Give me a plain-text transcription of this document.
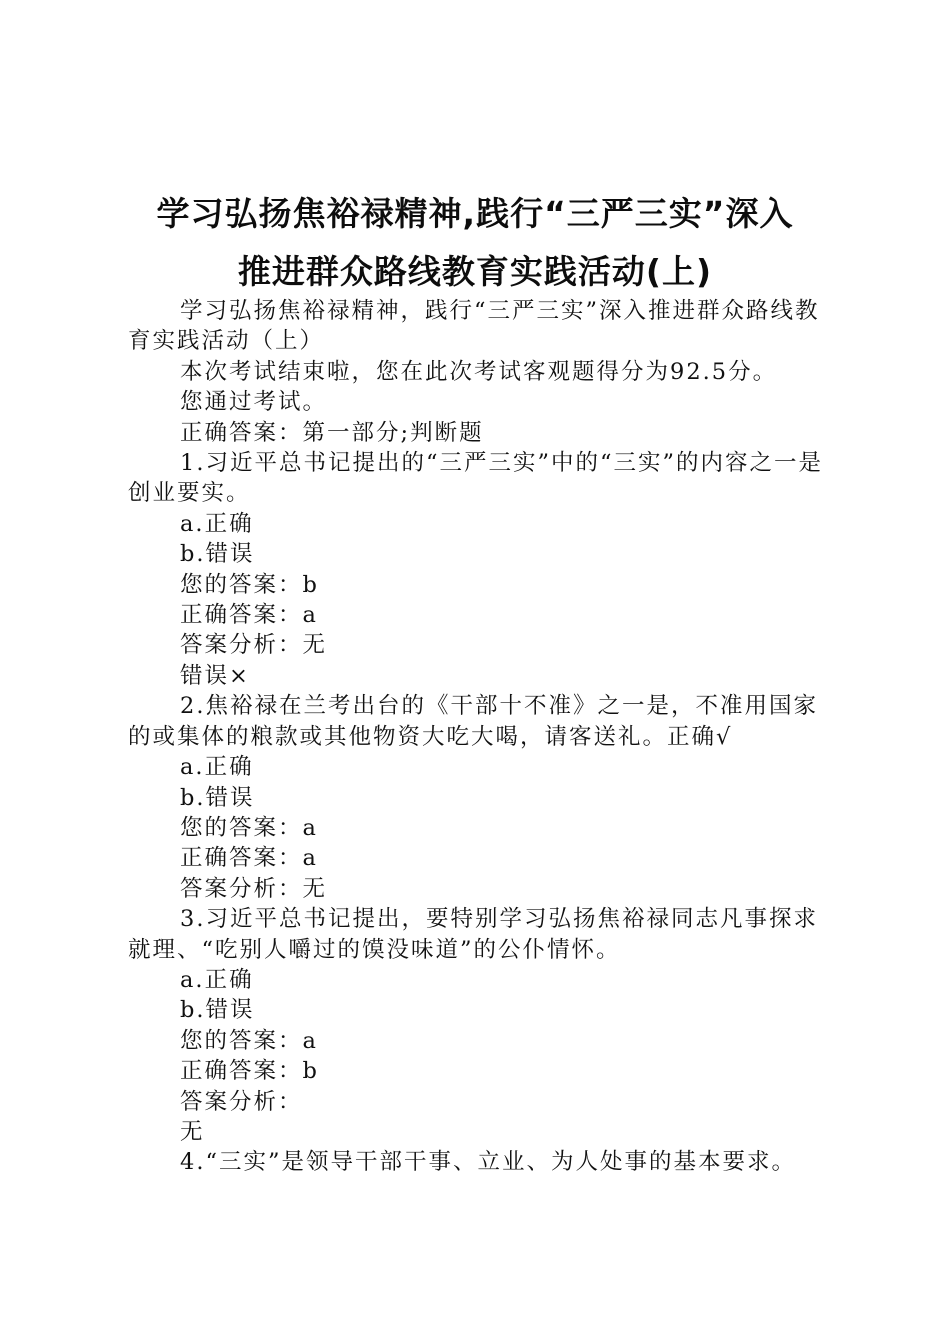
学习弘扬焦裕禄精神,践行“三严三实”深入
推进群众路线教育实践活动(上)

学习弘扬焦裕禄精神，践行“三严三实”深入推进群众路线教育实践活动（上）

本次考试结束啦，您在此次考试客观题得分为92.5分。

您通过考试。

正确答案：第一部分;判断题

1.习近平总书记提出的“三严三实”中的“三实”的内容之一是创业要实。

a.正确

b.错误

您的答案：b

正确答案：a

答案分析：无

错误×

2.焦裕禄在兰考出台的《干部十不准》之一是，不准用国家的或集体的粮款或其他物资大吃大喝，请客送礼。正确√

a.正确

b.错误

您的答案：a

正确答案：a

答案分析：无

3.习近平总书记提出，要特别学习弘扬焦裕禄同志凡事探求就理、“吃别人嚼过的馍没味道”的公仆情怀。

a.正确

b.错误

您的答案：a

正确答案：b

答案分析：

无

4.“三实”是领导干部干事、立业、为人处事的基本要求。
